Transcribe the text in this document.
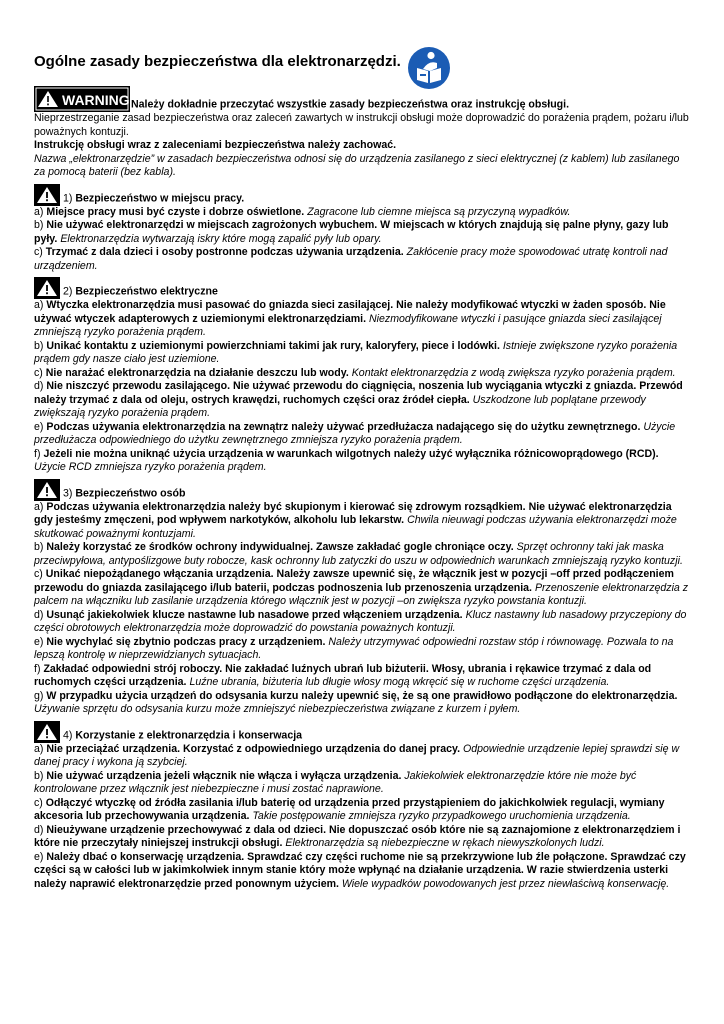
Ogólne zasady bezpieczeństwa dla elektronarzędzi.
WARNING Należy dokładnie przeczytać wszystkie zasady bezpieczeństwa oraz instrukcję obsługi.

Nieprzestrzeganie zasad bezpieczeństwa oraz zaleceń zawartych w instrukcji obsługi może doprowadzić do porażenia prądem, pożaru i/lub poważnych kontuzji.

Instrukcję obsługi wraz z zaleceniami bezpieczeństwa należy zachować.

Nazwa „elektronarzędzie” w zasadach bezpieczeństwa odnosi się do urządzenia zasilanego z sieci elektrycznej (z kablem) lub zasilanego za pomocą baterii (bez kabla).

1) Bezpieczeństwo w miejscu pracy.

a) Miejsce pracy musi być czyste i dobrze oświetlone. Zagracone lub ciemne miejsca są przyczyną wypadków.

b) Nie używać elektronarzędzi w miejscach zagrożonych wybuchem. W miejscach w których znajdują się palne płyny, gazy lub pyły. Elektronarzędzia wytwarzają iskry które mogą zapalić pyły lub opary.

c) Trzymać z dala dzieci i osoby postronne podczas używania urządzenia. Zakłócenie pracy może spowodować utratę kontroli nad urządzeniem.

2) Bezpieczeństwo elektryczne

a) Wtyczka elektronarzędzia musi pasować do gniazda sieci zasilającej. Nie należy modyfikować wtyczki w żaden sposób. Nie używać wtyczek adapterowych z uziemionymi elektronarzędziami. Niezmodyfikowane wtyczki i pasujące gniazda sieci zasilającej zmniejszą ryzyko porażenia prądem.

b) Unikać kontaktu z uziemionymi powierzchniami takimi jak rury, kaloryfery, piece i lodówki. Istnieje zwiększone ryzyko porażenia prądem gdy nasze ciało jest uziemione.

c) Nie narażać elektronarzędzia na działanie deszczu lub wody. Kontakt elektronarzędzia z wodą zwiększa ryzyko porażenia prądem.

d) Nie niszczyć przewodu zasilającego. Nie używać przewodu do ciągnięcia, noszenia lub wyciągania wtyczki z gniazda. Przewód należy trzymać z dala od oleju, ostrych krawędzi, ruchomych części oraz źródeł ciepła. Uszkodzone lub poplątane przewody zwiększają ryzyko porażenia prądem.

e) Podczas używania elektronarzędzia na zewnątrz należy używać przedłużacza nadającego się do użytku zewnętrznego. Użycie przedłużacza odpowiedniego do użytku zewnętrznego zmniejsza ryzyko porażenia prądem.

f) Jeżeli nie można uniknąć użycia urządzenia w warunkach wilgotnych należy użyć wyłącznika różnicowoprądowego (RCD). Użycie RCD zmniejsza ryzyko porażenia prądem.

3) Bezpieczeństwo osób

a) Podczas używania elektronarzędzia należy być skupionym i kierować się zdrowym rozsądkiem. Nie używać elektronarzędzia gdy jesteśmy zmęczeni, pod wpływem narkotyków, alkoholu lub lekarstw. Chwila nieuwagi podczas używania elektronarzędzi może skutkować poważnymi kontuzjami.

b) Należy korzystać ze środków ochrony indywidualnej. Zawsze zakładać gogle chroniące oczy. Sprzęt ochronny taki jak maska przeciwpyłowa, antypoślizgowe buty robocze, kask ochronny lub zatyczki do uszu w odpowiednich warunkach zmniejszają ryzyko kontuzji.

c) Unikać niepożądanego włączania urządzenia. Należy zawsze upewnić się, że włącznik jest w pozycji –off przed podłączeniem przewodu do gniazda zasilającego i/lub baterii, podczas podnoszenia lub przenoszenia urządzenia. Przenoszenie elektronarzędzia z palcem na włączniku lub zasilanie urządzenia którego włącznik jest w pozycji –on zwiększa ryzyko powstania kontuzji.

d) Usunąć jakiekolwiek klucze nastawne lub nasadowe przed włączeniem urządzenia. Klucz nastawny lub nasadowy przyczepiony do części obrotowych elektronarzędzia może doprowadzić do powstania poważnych kontuzji.

e) Nie wychylać się zbytnio podczas pracy z urządzeniem. Należy utrzymywać odpowiedni rozstaw stóp i równowagę. Pozwala to na lepszą kontrolę w nieprzewidzianych sytuacjach.

f) Zakładać odpowiedni strój roboczy. Nie zakładać luźnych ubrań lub biżuterii. Włosy, ubrania i rękawice trzymać z dala od ruchomych części urządzenia. Luźne ubrania, biżuteria lub długie włosy mogą wkręcić się w ruchome części urządzenia.

g) W przypadku użycia urządzeń do odsysania kurzu należy upewnić się, że są one prawidłowo podłączone do elektronarzędzia. Używanie sprzętu do odsysania kurzu może zmniejszyć niebezpieczeństwa związane z kurzem i pyłem.

4) Korzystanie z elektronarzędzia i konserwacja

a) Nie przeciążać urządzenia. Korzystać z odpowiedniego urządzenia do danej pracy. Odpowiednie urządzenie lepiej sprawdzi się w danej pracy i wykona ją szybciej.

b) Nie używać urządzenia jeżeli włącznik nie włącza i wyłącza urządzenia. Jakiekolwiek elektronarzędzie które nie może być kontrolowane przez włącznik jest niebezpieczne i musi zostać naprawione.

c) Odłączyć wtyczkę od źródła zasilania i/lub baterię od urządzenia przed przystąpieniem do jakichkolwiek regulacji, wymiany akcesoria lub przechowywania urządzenia. Takie postępowanie zmniejsza ryzyko przypadkowego uruchomienia urządzenia.

d) Nieużywane urządzenie przechowywać z dala od dzieci. Nie dopuszczać osób które nie są zaznajomione z elektronarzędziem i które nie przeczytały niniejszej instrukcji obsługi. Elektronarzędzia są niebezpieczne w rękach niewyszkolonych ludzi.

e) Należy dbać o konserwację urządzenia. Sprawdzać czy części ruchome nie są przekrzywione lub źle połączone. Sprawdzać czy części są w całości lub w jakimkolwiek innym stanie który może wpłynąć na działanie urządzenia. W razie stwierdzenia usterki należy naprawić elektronarzędzie przed ponownym użyciem. Wiele wypadków powodowanych jest przez niewłaściwą konserwację.
